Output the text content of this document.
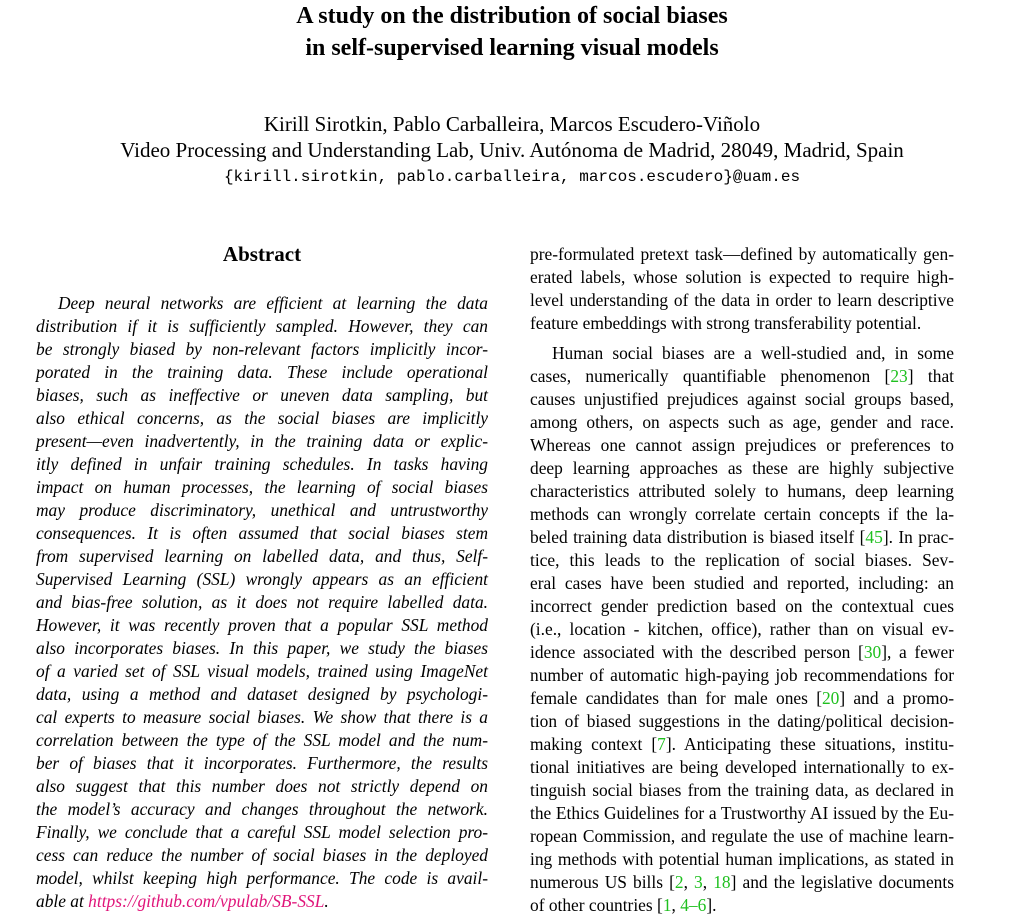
A study on the distribution of social biases
in self-supervised learning visual models
Kirill Sirotkin, Pablo Carballeira, Marcos Escudero-Viñolo
Video Processing and Understanding Lab, Univ. Autónoma de Madrid, 28049, Madrid, Spain
{kirill.sirotkin, pablo.carballeira, marcos.escudero}@uam.es
Abstract
Deep neural networks are efficient at learning the data
distribution if it is sufficiently sampled. However, they can
be strongly biased by non-relevant factors implicitly incor-
porated in the training data. These include operational
biases, such as ineffective or uneven data sampling, but
also ethical concerns, as the social biases are implicitly
present—even inadvertently, in the training data or explic-
itly defined in unfair training schedules. In tasks having
impact on human processes, the learning of social biases
may produce discriminatory, unethical and untrustworthy
consequences. It is often assumed that social biases stem
from supervised learning on labelled data, and thus, Self-
Supervised Learning (SSL) wrongly appears as an efficient
and bias-free solution, as it does not require labelled data.
However, it was recently proven that a popular SSL method
also incorporates biases. In this paper, we study the biases
of a varied set of SSL visual models, trained using ImageNet
data, using a method and dataset designed by psychologi-
cal experts to measure social biases. We show that there is a
correlation between the type of the SSL model and the num-
ber of biases that it incorporates. Furthermore, the results
also suggest that this number does not strictly depend on
the model’s accuracy and changes throughout the network.
Finally, we conclude that a careful SSL model selection pro-
cess can reduce the number of social biases in the deployed
model, whilst keeping high performance. The code is avail-
able at https://github.com/vpulab/SB-SSL.
pre-formulated pretext task—defined by automatically gen-
erated labels, whose solution is expected to require high-
level understanding of the data in order to learn descriptive
feature embeddings with strong transferability potential.
Human social biases are a well-studied and, in some
cases, numerically quantifiable phenomenon [23] that
causes unjustified prejudices against social groups based,
among others, on aspects such as age, gender and race.
Whereas one cannot assign prejudices or preferences to
deep learning approaches as these are highly subjective
characteristics attributed solely to humans, deep learning
methods can wrongly correlate certain concepts if the la-
beled training data distribution is biased itself [45]. In prac-
tice, this leads to the replication of social biases. Sev-
eral cases have been studied and reported, including: an
incorrect gender prediction based on the contextual cues
(i.e., location - kitchen, office), rather than on visual ev-
idence associated with the described person [30], a fewer
number of automatic high-paying job recommendations for
female candidates than for male ones [20] and a promo-
tion of biased suggestions in the dating/political decision-
making context [7]. Anticipating these situations, institu-
tional initiatives are being developed internationally to ex-
tinguish social biases from the training data, as declared in
the Ethics Guidelines for a Trustworthy AI issued by the Eu-
ropean Commission, and regulate the use of machine learn-
ing methods with potential human implications, as stated in
numerous US bills [2, 3, 18] and the legislative documents
of other countries [1, 4–6].
